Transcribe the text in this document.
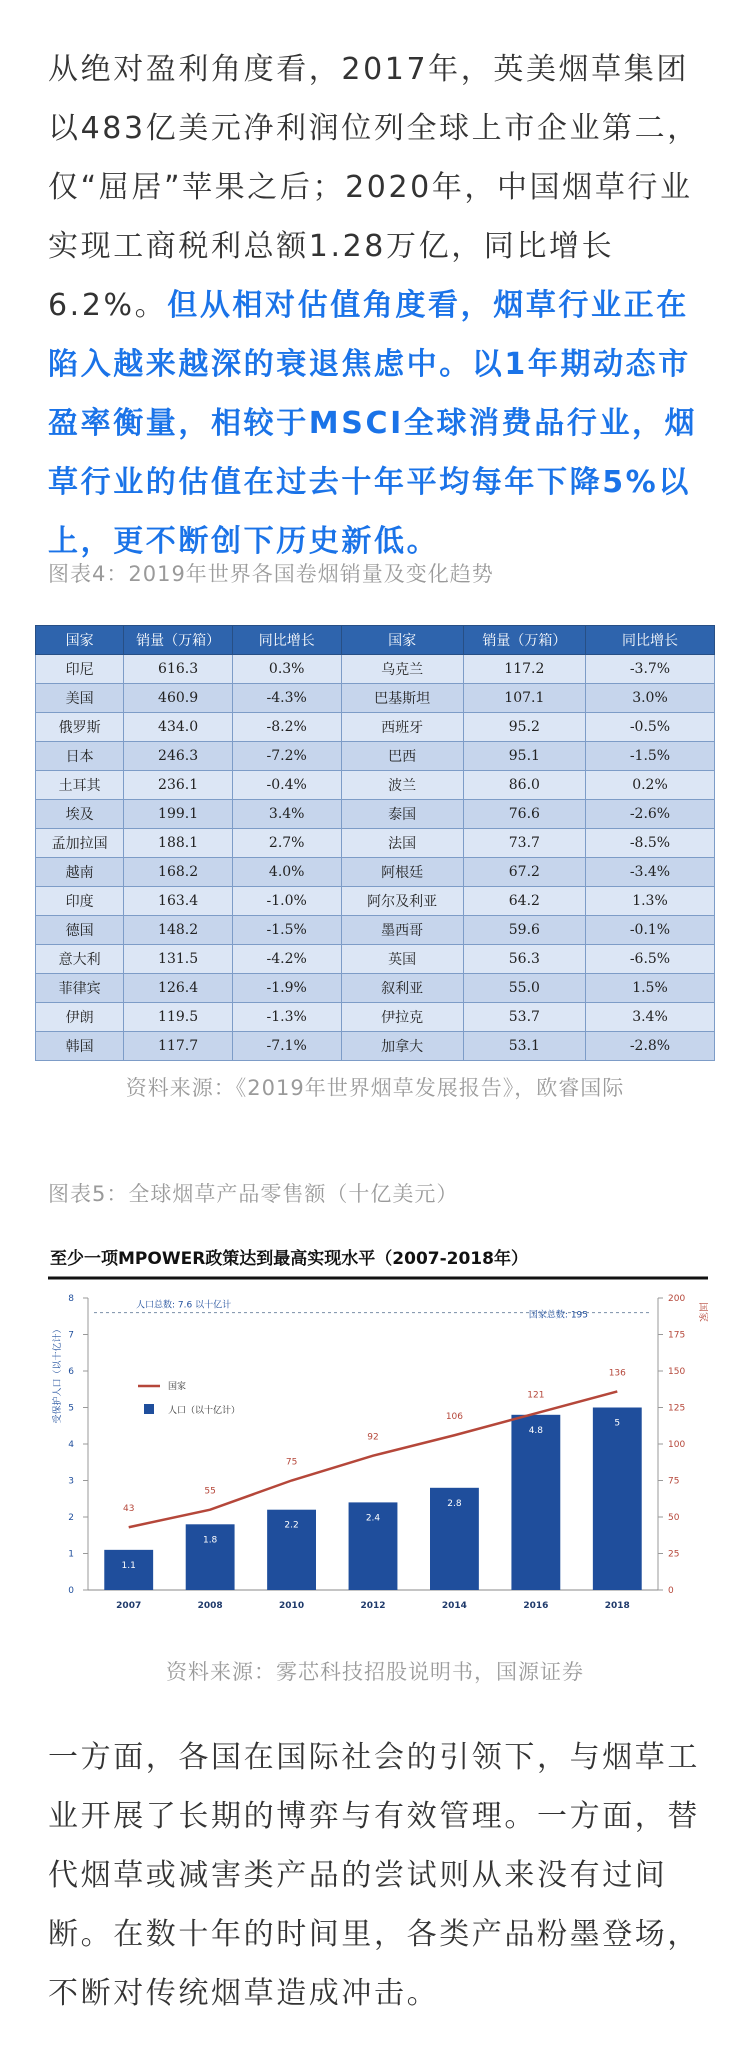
从绝对盈利角度看，2017年，英美烟草集团以483亿美元净利润位列全球上市企业第二，仅“屈居”苹果之后；2020年，中国烟草行业实现工商税利总额1.28万亿，同比增长6.2%。但从相对估值角度看，烟草行业正在陷入越来越深的衰退焦虑中。以1年期动态市盈率衡量，相较于MSCI全球消费品行业，烟草行业的估值在过去十年平均每年下降5%以上，更不断创下历史新低。

图表4：2019年世界各国卷烟销量及变化趋势

国家	销量（万箱）	同比增长	国家	销量（万箱）	同比增长
印尼	616.3	0.3%	乌克兰	117.2	-3.7%
美国	460.9	-4.3%	巴基斯坦	107.1	3.0%
俄罗斯	434.0	-8.2%	西班牙	95.2	-0.5%
日本	246.3	-7.2%	巴西	95.1	-1.5%
土耳其	236.1	-0.4%	波兰	86.0	0.2%
埃及	199.1	3.4%	泰国	76.6	-2.6%
孟加拉国	188.1	2.7%	法国	73.7	-8.5%
越南	168.2	4.0%	阿根廷	67.2	-3.4%
印度	163.4	-1.0%	阿尔及利亚	64.2	1.3%
德国	148.2	-1.5%	墨西哥	59.6	-0.1%
意大利	131.5	-4.2%	英国	56.3	-6.5%
菲律宾	126.4	-1.9%	叙利亚	55.0	1.5%
伊朗	119.5	-1.3%	伊拉克	53.7	3.4%
韩国	117.7	-7.1%	加拿大	53.1	-2.8%

资料来源：《2019年世界烟草发展报告》，欧睿国际

图表5：全球烟草产品零售额（十亿美元）

至少一项MPOWER政策达到最高实现水平（2007-2018年）
0
1
2
3
4
5
6
7
8
0
25
50
75
100
125
150
175
200
受保护人口（以十亿计）
国家
人口总数: 7.6 以十亿计
国家总数: 195
1.1
1.8
2.2
2.4
2.8
4.8
5
43
55
75
92
106
121
136
2007	2008	2010	2012	2014	2016	2018
国家
人口（以十亿计）

资料来源：雾芯科技招股说明书，国源证券

一方面，各国在国际社会的引领下，与烟草工业开展了长期的博弈与有效管理。一方面，替代烟草或减害类产品的尝试则从来没有过间断。在数十年的时间里，各类产品粉墨登场，不断对传统烟草造成冲击。
